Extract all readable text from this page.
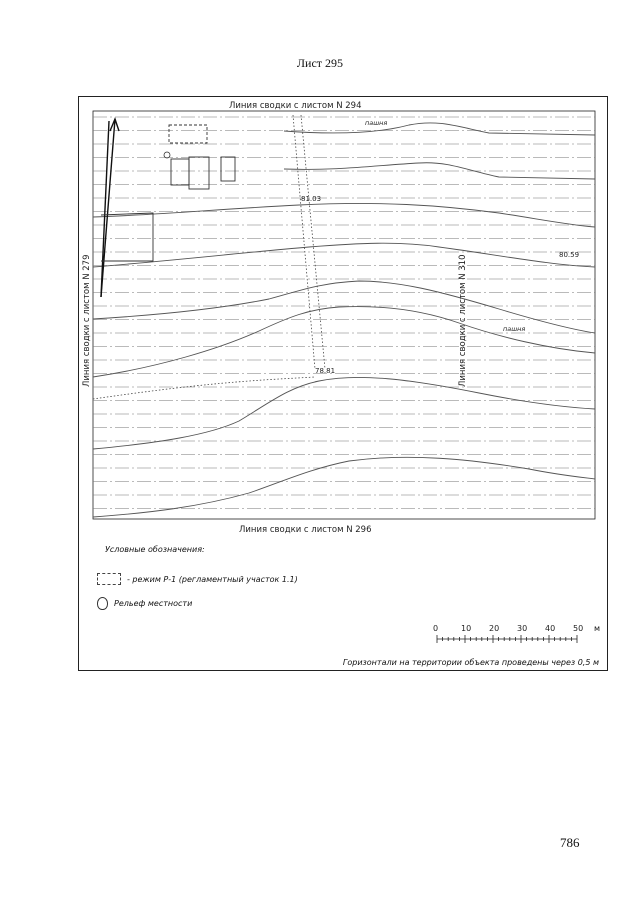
Лист 295
Линия сводки с листом N 294
Линия сводки с листом N 296
Линия сводки с листом N 279	Линия сводки с листом N 310
81.03
80.59
78.81
пашня
пашня
0	10 20 30 40 50
Условные обозначения:
- режим Р-1 (регламентный участок 1.1)
Рельеф местности
м
Горизонтали на территории объекта проведены через 0,5 м
786
